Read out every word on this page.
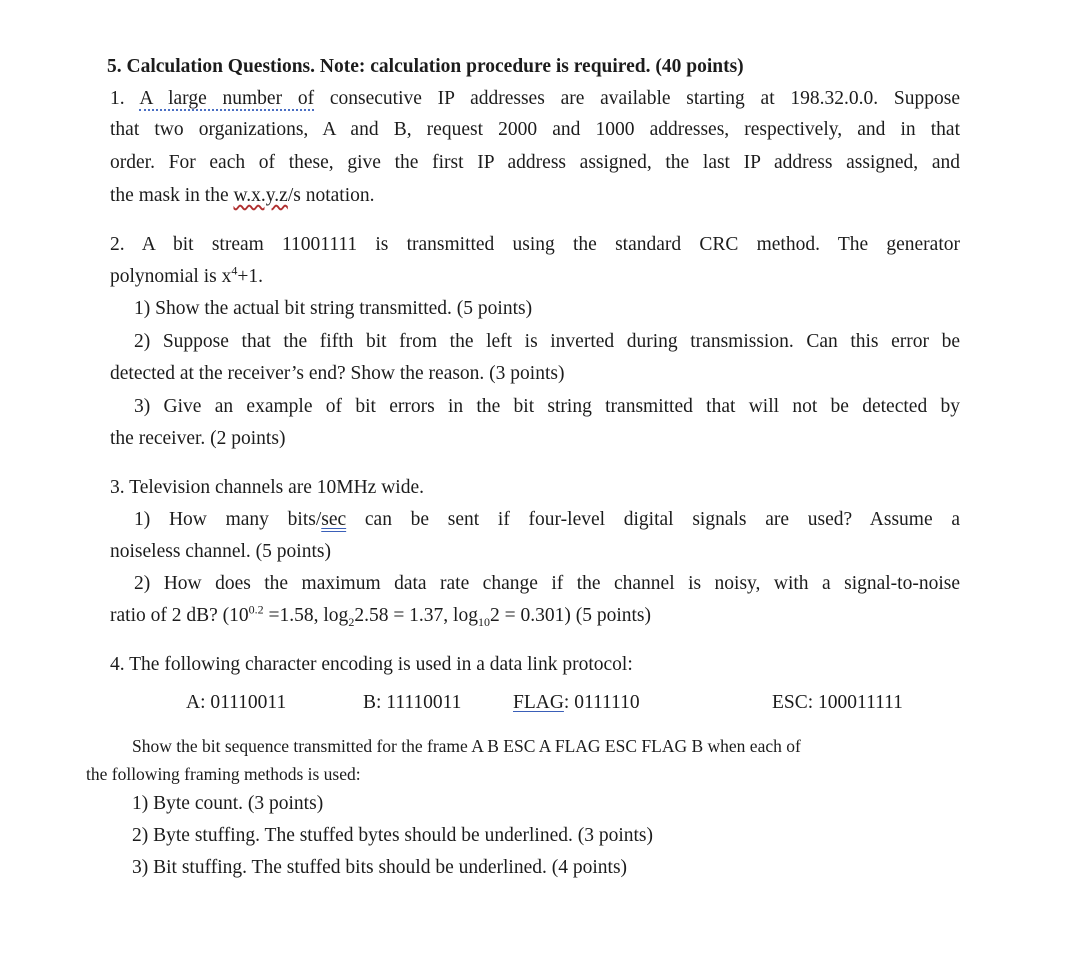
5. Calculation Questions. Note: calculation procedure is required. (40 points)
1. A large number of consecutive IP addresses are available starting at 198.32.0.0. Suppose
that two organizations, A and B, request 2000 and 1000 addresses, respectively, and in that
order. For each of these, give the first IP address assigned, the last IP address assigned, and
the mask in the w.x.y.z/s notation.
2. A bit stream 11001111 is transmitted using the standard CRC method. The generator
polynomial is $x^4+1$.
1) Show the actual bit string transmitted. (5 points)
2) Suppose that the fifth bit from the left is inverted during transmission. Can this error be
detected at the receiver’s end? Show the reason. (3 points)
3) Give an example of bit errors in the bit string transmitted that will not be detected by
the receiver. (2 points)
3. Television channels are 10MHz wide.
1) How many bits/sec can be sent if four-level digital signals are used? Assume a
noiseless channel. (5 points)
2) How does the maximum data rate change if the channel is noisy, with a signal-to-noise
ratio of 2 dB? ($10^{0.2} =1.58$, $\log_22.58 = 1.37$, $\log_{10}2 = 0.301$) (5 points)
4. The following character encoding is used in a data link protocol:
A: 01110011	B: 11110011	FLAG: 0111110	ESC: 100011111
Show the bit sequence transmitted for the frame A B ESC A FLAG ESC FLAG B when each of
the following framing methods is used:
1) Byte count. (3 points)
2) Byte stuffing. The stuffed bytes should be underlined. (3 points)
3) Bit stuffing. The stuffed bits should be underlined. (4 points)
